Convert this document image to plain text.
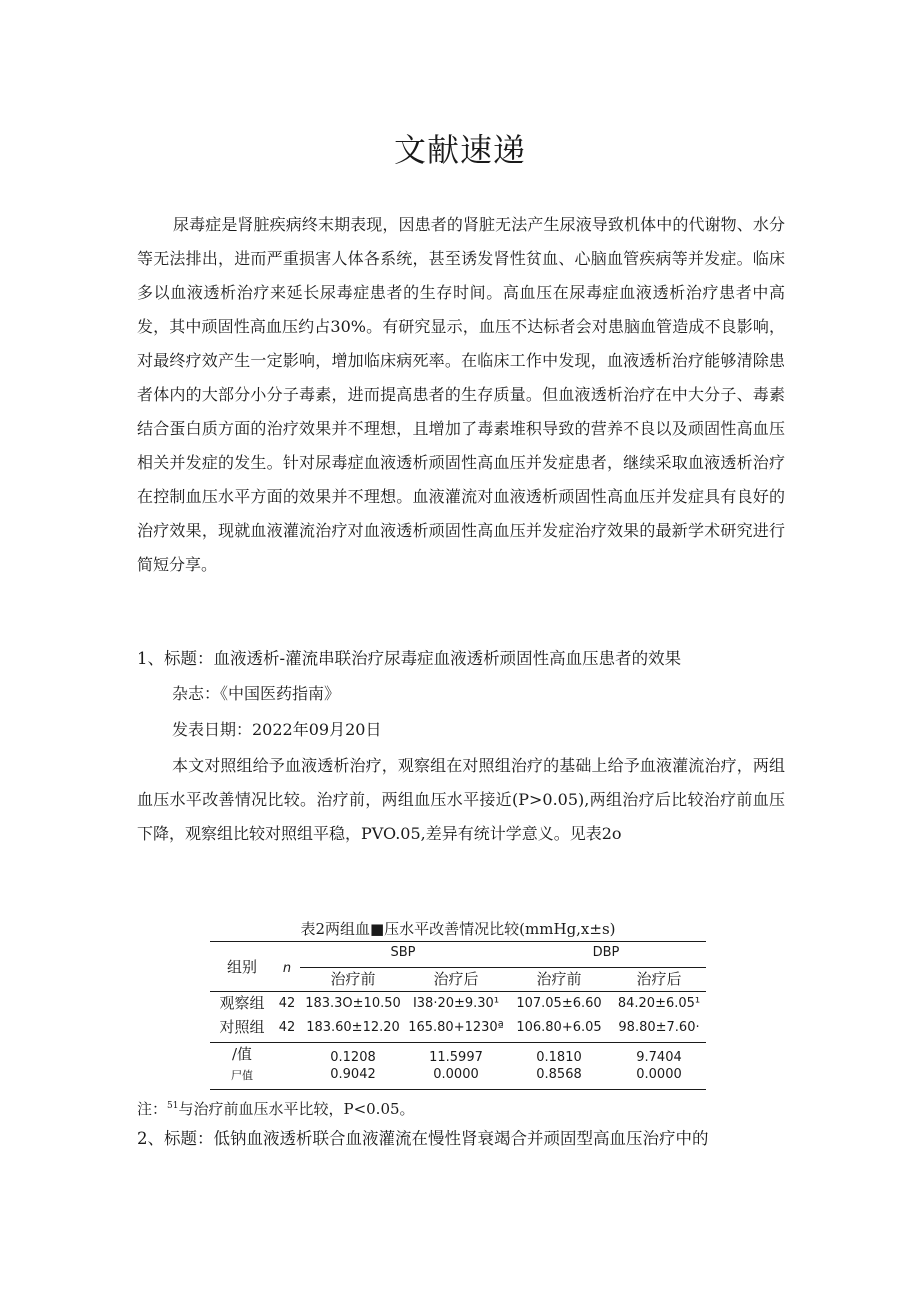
文献速递

尿毒症是肾脏疾病终末期表现，因患者的肾脏无法产生尿液导致机体中的代谢物、水分等无法排出，进而严重损害人体各系统，甚至诱发肾性贫血、心脑血管疾病等并发症。临床多以血液透析治疗来延长尿毒症患者的生存时间。高血压在尿毒症血液透析治疗患者中高发，其中顽固性高血压约占30%。有研究显示，血压不达标者会对患脑血管造成不良影响，对最终疗效产生一定影响，增加临床病死率。在临床工作中发现，血液透析治疗能够清除患者体内的大部分小分子毒素，进而提高患者的生存质量。但血液透析治疗在中大分子、毒素结合蛋白质方面的治疗效果并不理想，且增加了毒素堆积导致的营养不良以及顽固性高血压相关并发症的发生。针对尿毒症血液透析顽固性高血压并发症患者，继续采取血液透析治疗在控制血压水平方面的效果并不理想。血液灌流对血液透析顽固性高血压并发症具有良好的治疗效果，现就血液灌流治疗对血液透析顽固性高血压并发症治疗效果的最新学术研究进行简短分享。

1、标题：血液透析-灌流串联治疗尿毒症血液透析顽固性高血压患者的效果

杂志：《中国医药指南》

发表日期：2022年09月20日

本文对照组给予血液透析治疗，观察组在对照组治疗的基础上给予血液灌流治疗，两组血压水平改善情况比较。治疗前，两组血压水平接近(P>0.05),两组治疗后比较治疗前血压下降，观察组比较对照组平稳，PVO.05,差异有统计学意义。见表2o

表2两组血■压水平改善情况比较(mmHg,x±s)

组别	n
SBP	DBP
治疗前	治疗后	治疗前	治疗后
观察组	42 183.3O±10.50 I38·20±9.30¹	107.05±6.60	84.20±6.05¹
对照组	42 183.60±12.20 165.80+1230ª 106.80+6.05	98.80±7.60·
/值	0.1208	11.5997	0.1810	9.7404
尸值	0.9042	0.0000	0.8568	0.0000

注：$^{51}$与治疗前血压水平比较，P<0.05。

2、标题：低钠血液透析联合血液灌流在慢性肾衰竭合并顽固型高血压治疗中的
